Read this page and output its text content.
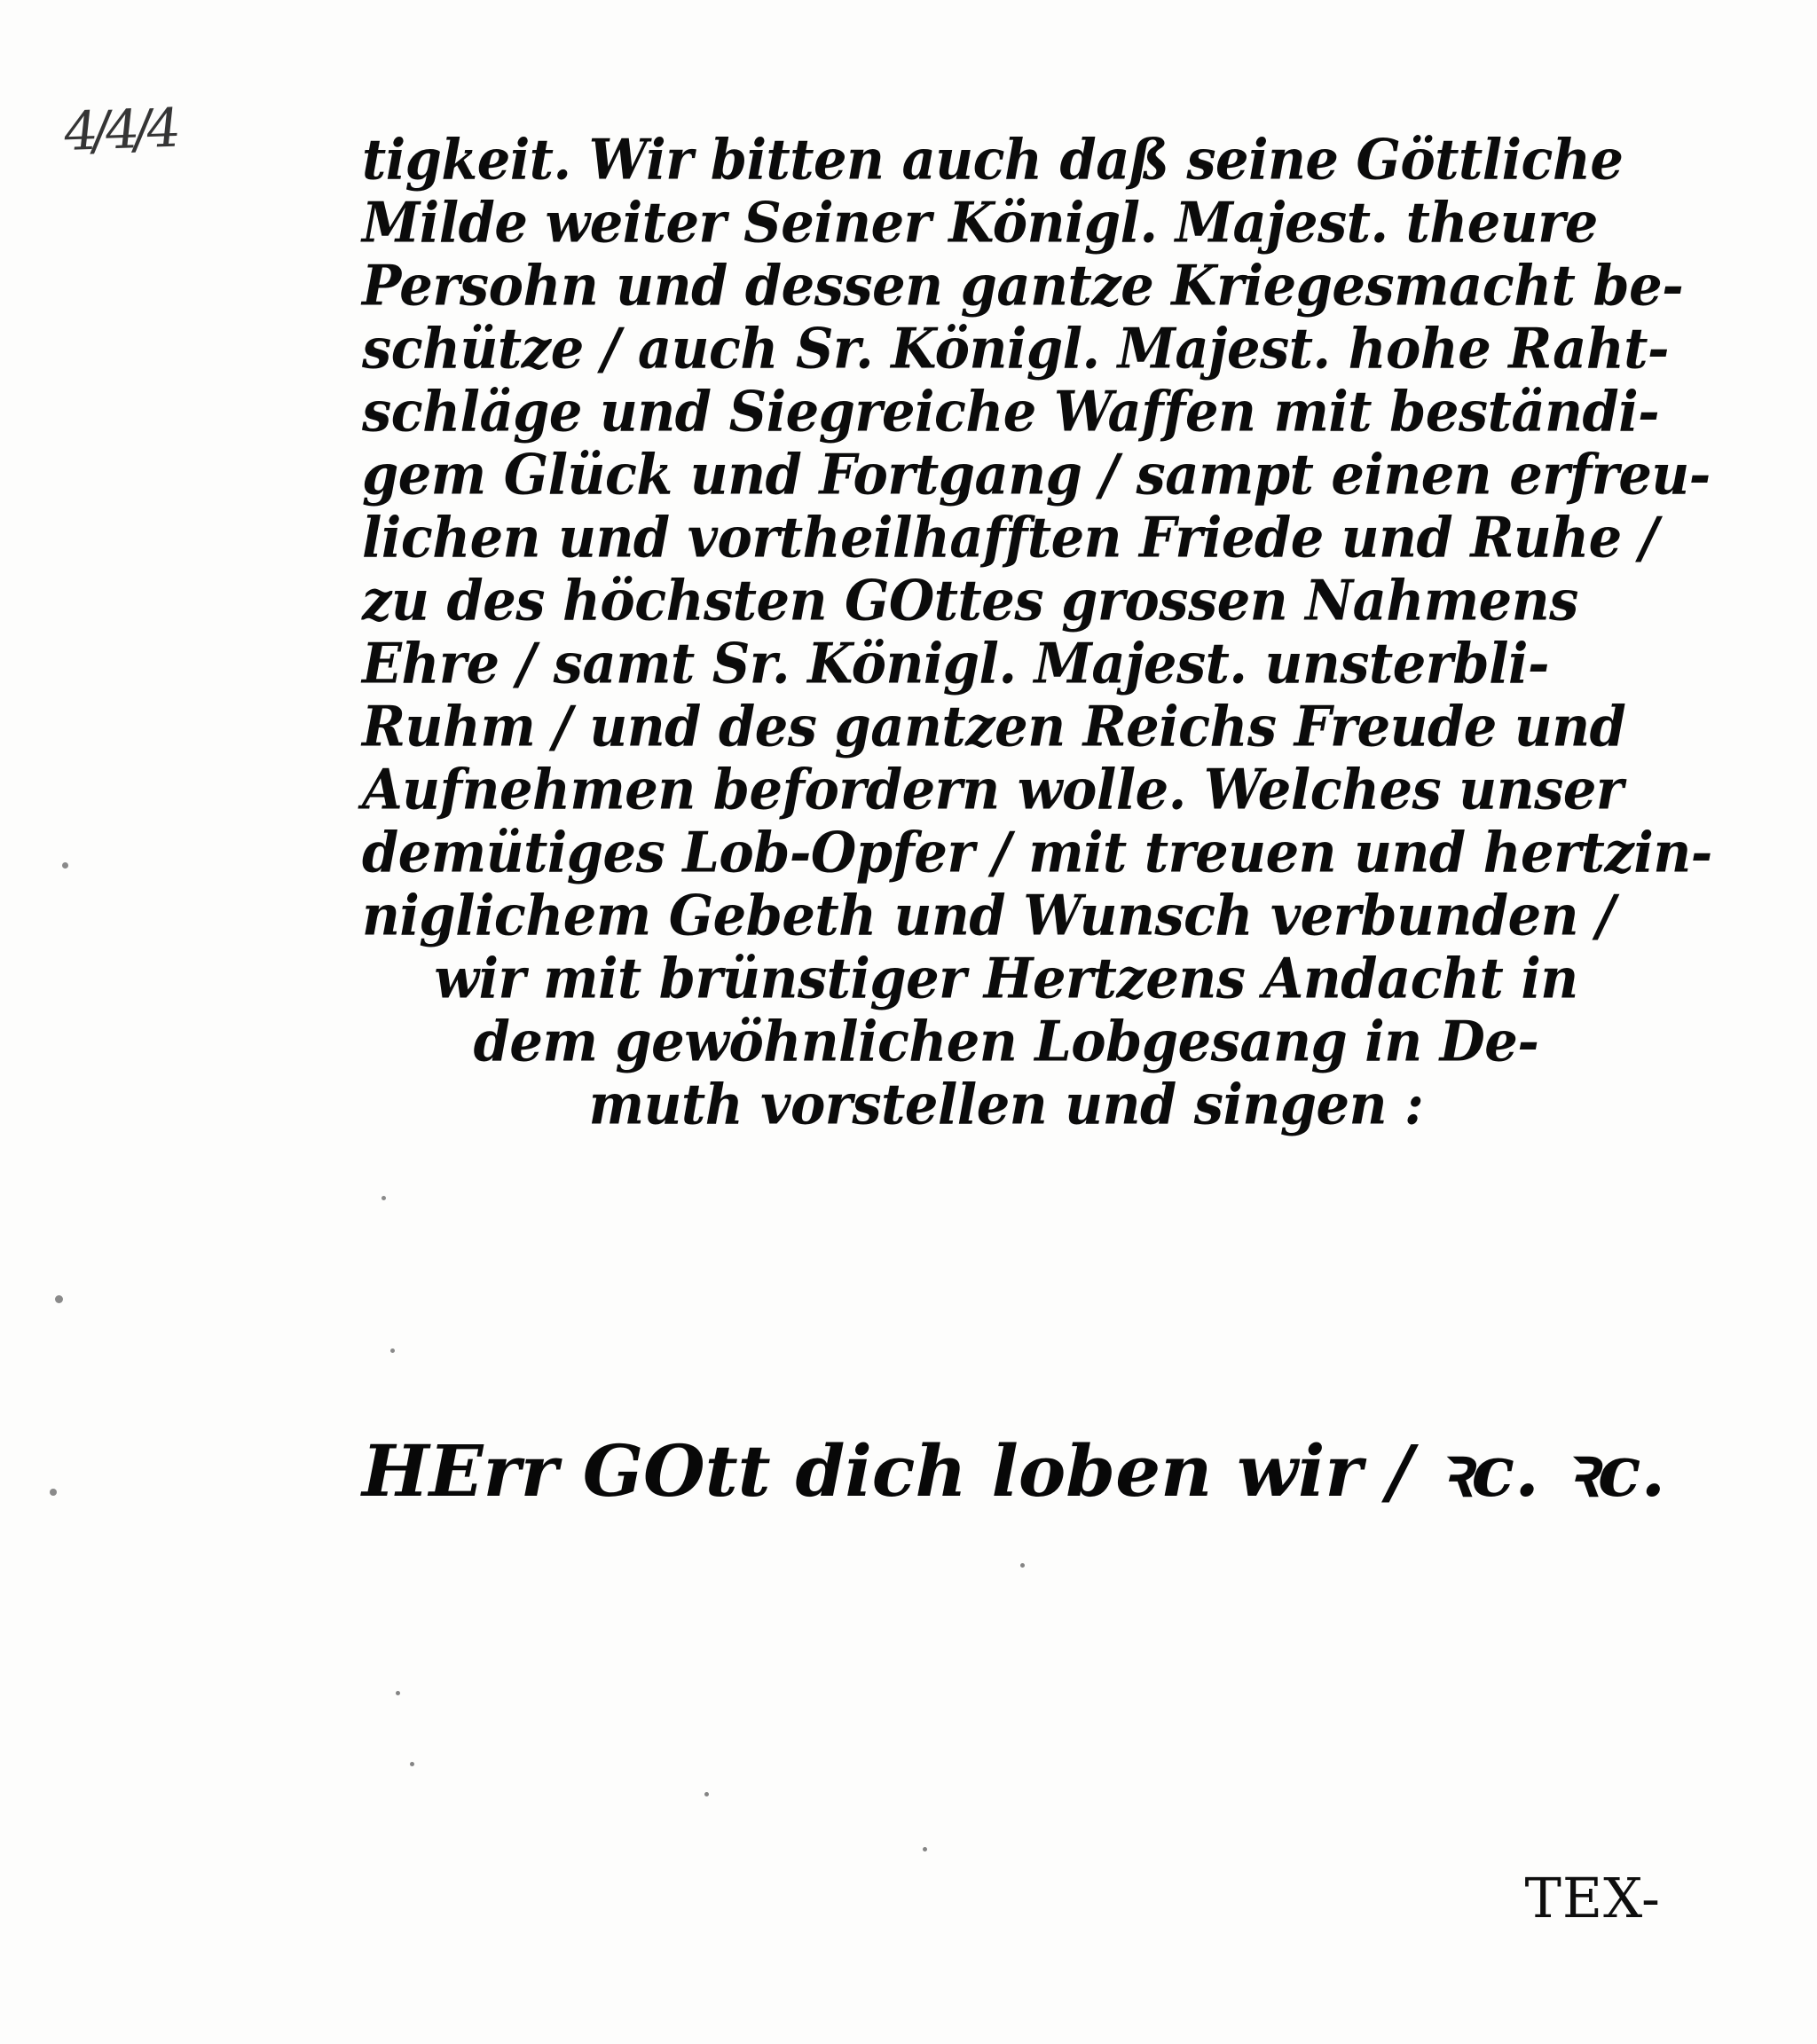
4/4/4	tigkeit. Wir bitten auch daß seine Göttliche
Milde weiter Seiner Königl. Majest. theure
Persohn und dessen gantze Kriegesmacht be-
schütze / auch Sr. Königl. Majest. hohe Raht-
schläge und Siegreiche Waffen mit beständi-
gem Glück und Fortgang / sampt einen erfreu-
lichen und vortheilhafften Friede und Ruhe /
zu des höchsten GOttes grossen Nahmens
Ehre / samt Sr. Königl. Majest. unsterbli-
Ruhm / und des gantzen Reichs Freude und
Aufnehmen befordern wolle. Welches unser
demütiges Lob-Opfer / mit treuen und hertzin-
niglichem Gebeth und Wunsch verbunden /
wir mit brünstiger Hertzens Andacht in
dem gewöhnlichen Lobgesang in De-
muth vorstellen und singen :
HErr GOtt dich loben wir / ꝛc. ꝛc.
TEX-
